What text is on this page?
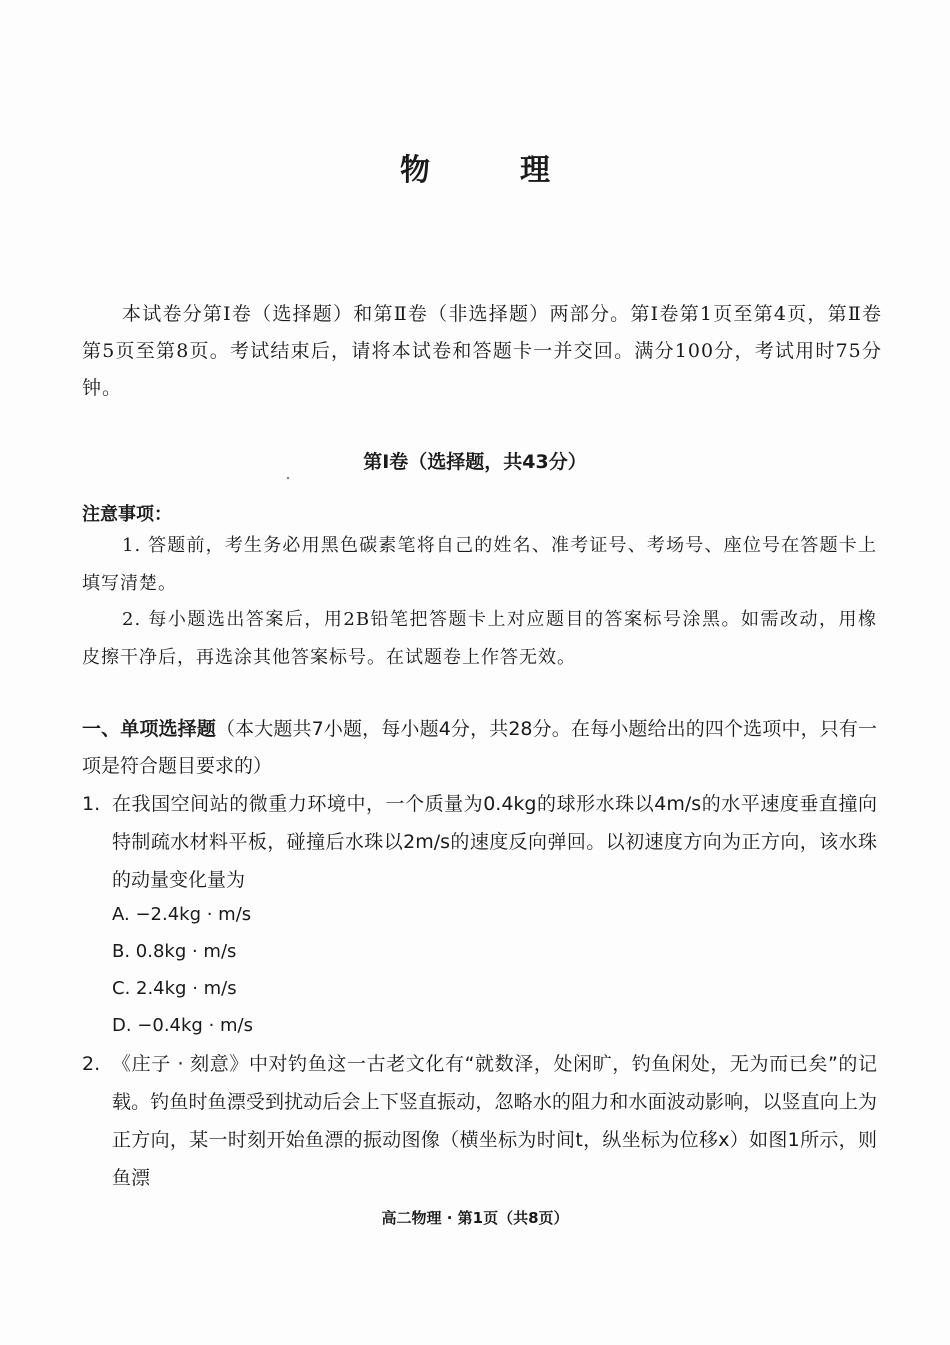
物　理
本试卷分第Ⅰ卷（选择题）和第Ⅱ卷（非选择题）两部分。第Ⅰ卷第1页至第4页，第Ⅱ卷第5页至第8页。考试结束后，请将本试卷和答题卡一并交回。满分100分，考试用时75分钟。
第Ⅰ卷（选择题，共43分）
注意事项：
1. 答题前，考生务必用黑色碳素笔将自己的姓名、准考证号、考场号、座位号在答题卡上填写清楚。
2. 每小题选出答案后，用2B铅笔把答题卡上对应题目的答案标号涂黑。如需改动，用橡皮擦干净后，再选涂其他答案标号。在试题卷上作答无效。
一、单项选择题（本大题共7小题，每小题4分，共28分。在每小题给出的四个选项中，只有一项是符合题目要求的）
1. 在我国空间站的微重力环境中，一个质量为0.4kg的球形水珠以4m/s的水平速度垂直撞向特制疏水材料平板，碰撞后水珠以2m/s的速度反向弹回。以初速度方向为正方向，该水珠的动量变化量为
A. −2.4kg · m/s
B. 0.8kg · m/s
C. 2.4kg · m/s
D. −0.4kg · m/s
2. 《庄子 · 刻意》中对钓鱼这一古老文化有“就数泽，处闲旷，钓鱼闲处，无为而已矣”的记载。钓鱼时鱼漂受到扰动后会上下竖直振动，忽略水的阻力和水面波动影响，以竖直向上为正方向，某一时刻开始鱼漂的振动图像（横坐标为时间t，纵坐标为位移x）如图1所示，则鱼漂
高二物理 · 第1页（共8页）
